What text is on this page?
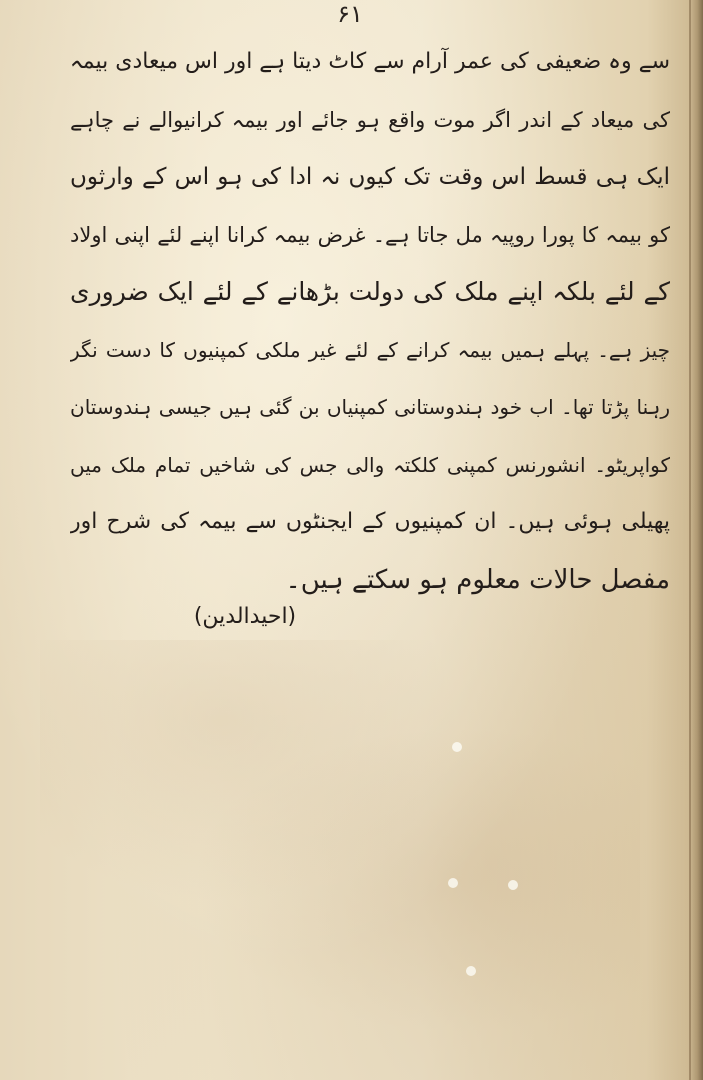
۶۱
سے وہ ضعیفی کی عمر آرام سے کاٹ دیتا ہے اور اس میعادی بیمہ
کی میعاد کے اندر اگر موت واقع ہو جائے اور بیمہ کرانیوالے نے چاہے
ایک ہی قسط اس وقت تک کیوں نہ ادا کی ہو اس کے وارثوں
کو بیمہ کا پورا روپیہ مل جاتا ہے۔ غرض بیمہ کرانا اپنے لئے اپنی اولاد
کے لئے بلکہ اپنے ملک کی دولت بڑھانے کے لئے ایک ضروری
چیز ہے۔ پہلے ہمیں بیمہ کرانے کے لئے غیر ملکی کمپنیوں کا دست نگر
رہنا پڑتا تھا۔ اب خود ہندوستانی کمپنیاں بن گئی ہیں جیسی ہندوستان
کواپریٹو۔ انشورنس کمپنی کلکتہ والی جس کی شاخیں تمام ملک میں
پھیلی ہوئی ہیں۔ ان کمپنیوں کے ایجنٹوں سے بیمہ کی شرح اور
مفصل حالات معلوم ہو سکتے ہیں۔
(احیدالدین)
